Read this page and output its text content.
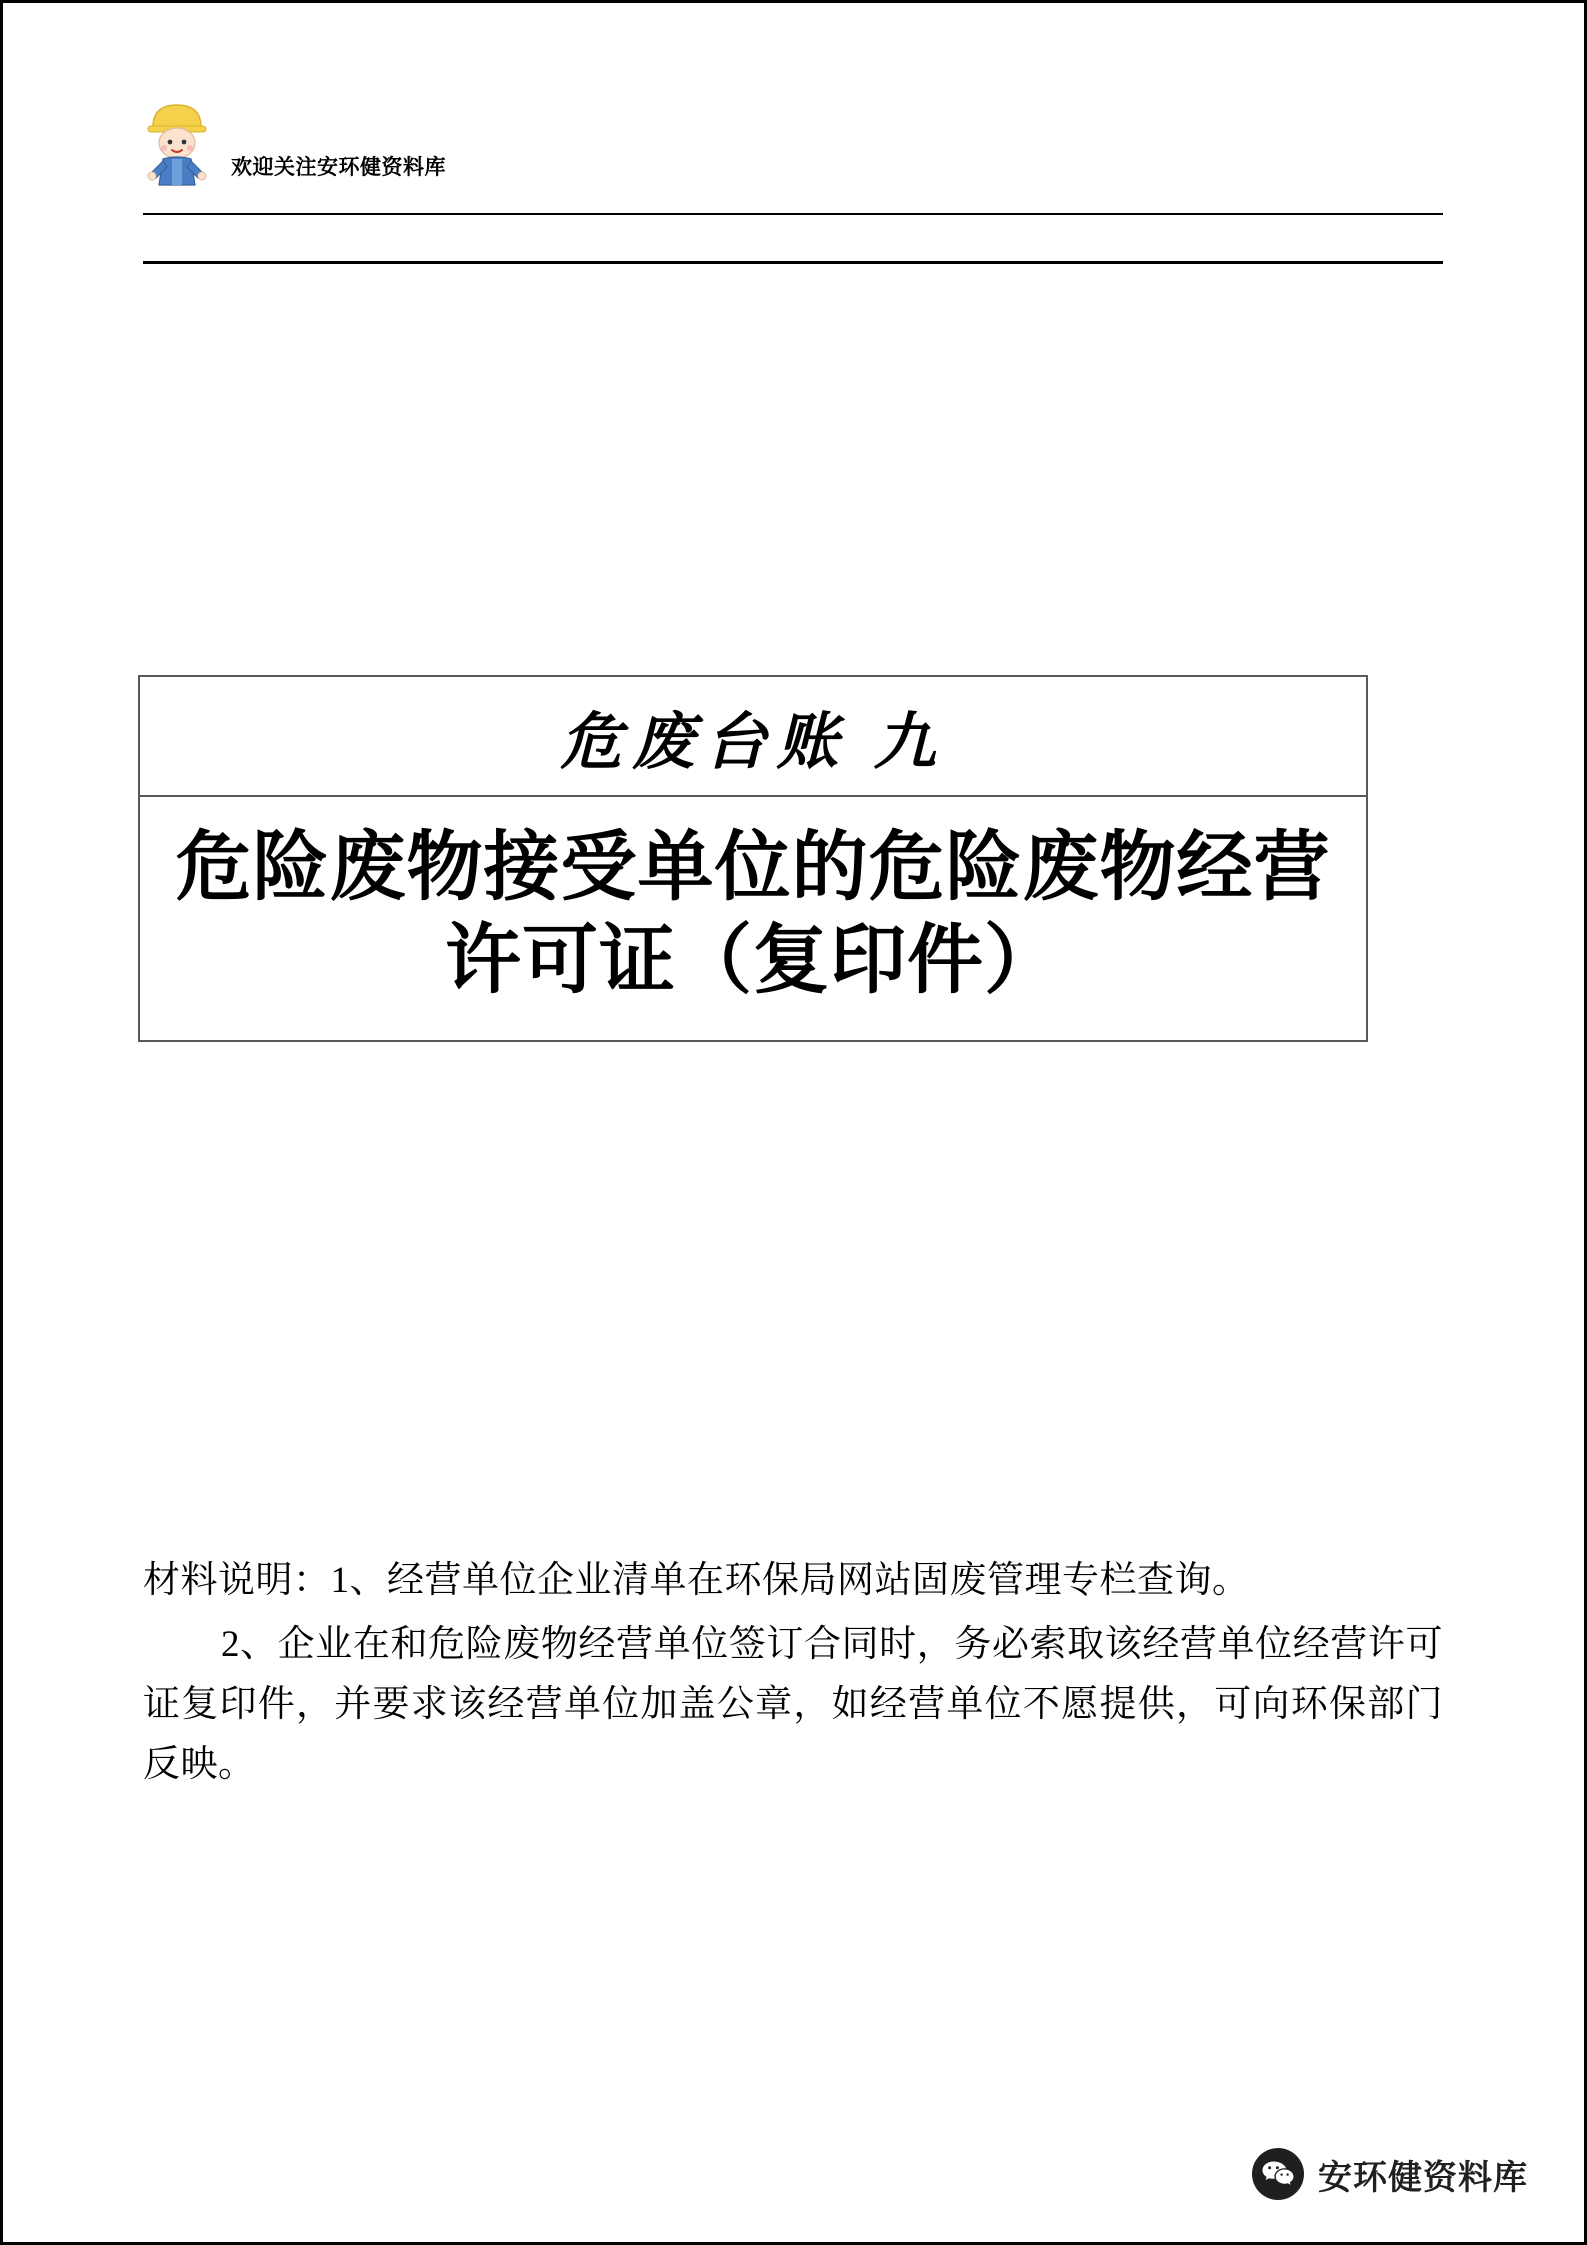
欢迎关注安环健资料库
危废台账 九
危险废物接受单位的危险废物经营许可证（复印件）

材料说明：1、经营单位企业清单在环保局网站固废管理专栏查询。

2、企业在和危险废物经营单位签订合同时，务必索取该经营单位经营许可证复印件，并要求该经营单位加盖公章，如经营单位不愿提供，可向环保部门反映。

安环健资料库
